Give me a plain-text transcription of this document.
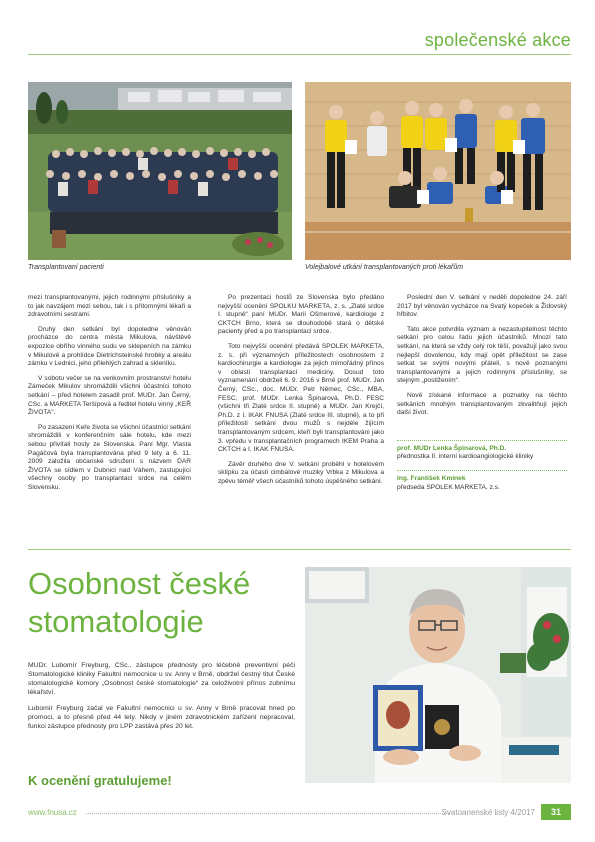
společenské akce
Transplantovaní pacienti	Volejbalové utkání transplantovaných proti lékařům

mezi transplantovanými, jejich rodinnými příslušníky a to jak navzájem mezi sebou, tak i s přítomnými lékaři a zdravotními sestrami.

Druhý den setkání byl dopoledne věnován procházce do centra města Mikulova, návštěvě expozice obřího vinného sudu ve sklepeních na zámku v Mikulově a prohlídce Dietrichsteinské hrobky a areálu zámku v Lednici, jeho přilehlých zahrad a skleníku.

V sobotu večer se na venkovním prostranství hotelu Zámeček Mikulov shromáždili všichni účastníci tohoto setkání – před hotelem zasadil prof. MUDr. Jan Černý, CSc. a MARKETA Teršípová a ředitel hotelu vinný „KEŘ ŽIVOTA“.

Po zasazení Keře života se všichni účastníci setkání shromáždili v konferenčním sále hotelu, kde mezi sebou přivítali hosty ze Slovenska. Paní Mgr. Vlasta Pagáčová byla transplantována před 9 lety a 6. 11. 2009 založila občanské sdružení s názvem DAR ŽIVOTA se sídlem v Dubnici nad Váhem, zastupující všechny osoby po transplantaci srdce na celém Slovensku.

Po prezentaci hostů ze Slovenska bylo předáno nejvyšší ocenění SPOLKU MARKETA, z. s. „Zlaté srdce I. stupně“ paní MUDr. Marii Ošmerové, kardiologe z CKTCH Brno, která se dlouhodobě stará o dětské pacienty před a po transplantaci srdce.

Toto nejvyšší ocenění předává SPOLEK MARKETA, z. s. při významných příležitostech osobnostem z kardiochirurgie a kardiologie za jejich mimořádný přínos v oblasti transplantací mediciny. Dosud toto vyznamenání obdrželi 6. 9. 2016 v Brně prof. MUDr. Jan Černý, CSc., doc. MUDr. Petr Němec, CSc., MBA, FESC, prof. MUDr. Lenka Špinarová, Ph.D. FESC (všichni tři Zlaté srdce II. stupně) a MUDr. Jan Krejčí, Ph.D. z I. IKAK FNUSA (Zlaté srdce III. stupně), a to při příležitosti setkání dvou mužů s nejdéle žijícím transplantovaným srdcem, kteří byli transplantováni jako 3. vpředu v transplantačních programech IKEM Praha a CKTCH a I. IKAK FNUSA.

Závěr druhého dne V. setkání proběhl v hotelovém sklípku za účasti cimbálové muziky Vrbka z Mikulova a zpěvu téměř všech účastníků tohoto úspěšného setkání.

Poslední den V. setkání v neděli dopoledne 24. září 2017 byl věnován vycházce na Svatý kopeček a Židovský hřbitov.

Tato akce potvrdila význam a nezastupitelnost těchto setkání pro celou řadu jejich účastníků. Mnozí tato setkání, na která se vždy celý rok těší, považují jako svou nejlepší dovolenou, kdy mají opět příležitost se zase setkat se svými novými přáteli, s nově poznanými transplantovanými a jejich rodinnými příslušníky, se stejným „postižením“.

Nově získané informace a poznatky na těchto setkáních mnohým transplantovaným zkvalitňují jejich další život.

prof. MUDr Lenka Špinarová, Ph.D.
přednostka II. interní kardioangiologické kliniky
Ing. František Kmínek
předseda SPOLEK MARKETA, z.s.
Osobnost české
stomatologie

MUDr. Lubomír Freyburg, CSc., zástupce přednosty pro léčebně preventivní péči Stomatologické kliniky Fakultní nemocnice u sv. Anny v Brně, obdržel čestný titul České stomatologické komory „Osobnost české stomatologie“ za celoživotní přínos zubnímu lékařství.

Lubomír Freyburg začal ve Fakultní nemocnici u sv. Anny v Brně pracovat hned po promoci, a to přesně před 44 lety. Nikdy v jiném zdravotnickém zařízení nepracoval, funkci zástupce přednosty pro LPP zastává přes 20 let.

K ocenění gratulujeme!
www.fnusa.cz	Svatoanenské listy 4/2017	31
